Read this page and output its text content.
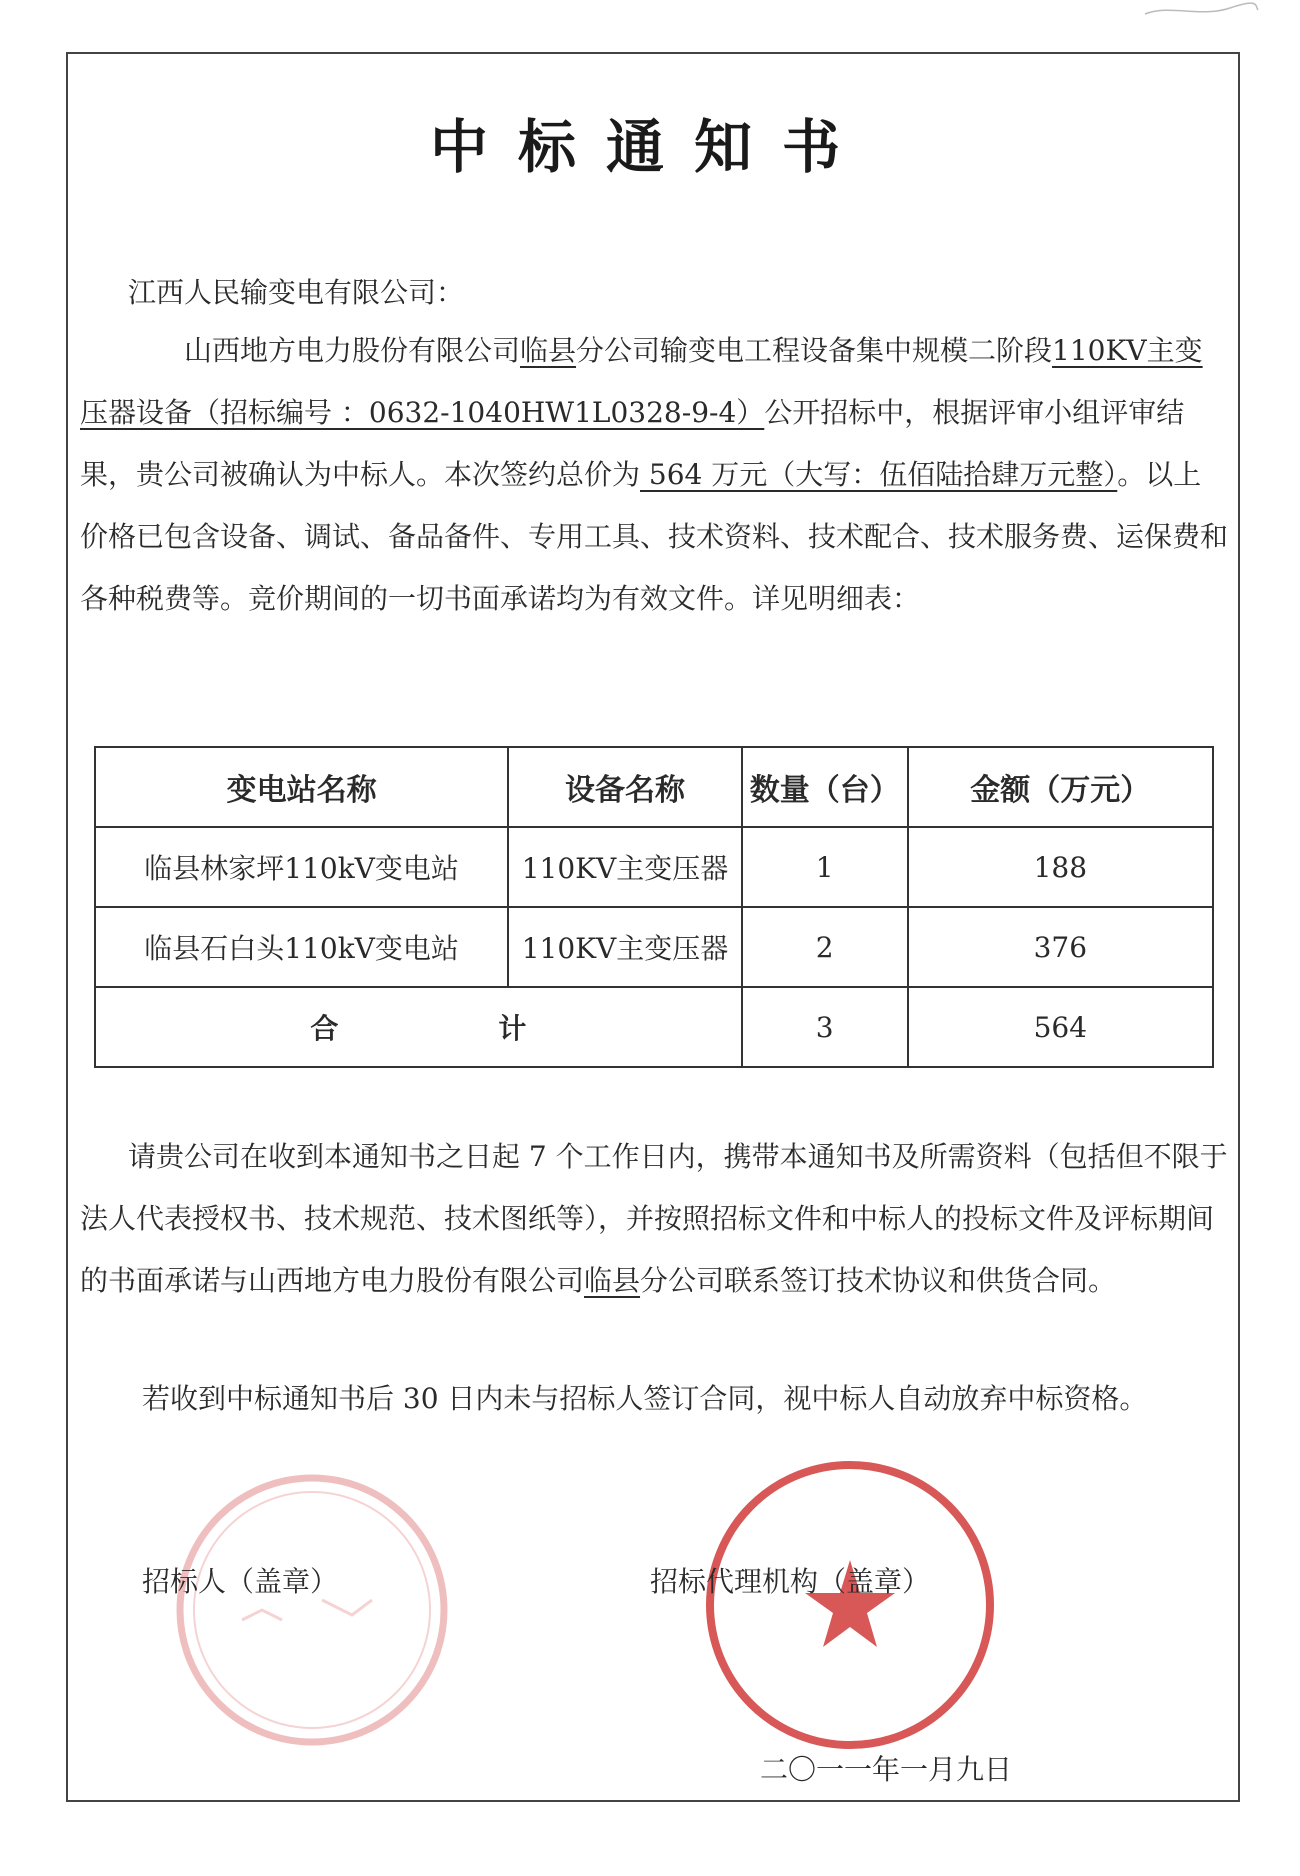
中标通知书
江西人民输变电有限公司：
山西地方电力股份有限公司临县分公司输变电工程设备集中规模二阶段110KV主变压器设备（招标编号 ：0632-1040HW1L0328-9-4）公开招标中，根据评审小组评审结果，贵公司被确认为中标人。本次签约总价为 564 万元（大写：伍佰陆拾肆万元整）。以上价格已包含设备、调试、备品备件、专用工具、技术资料、技术配合、技术服务费、运保费和各种税费等。竞价期间的一切书面承诺均为有效文件。详见明细表：
变电站名称	设备名称	数量（台）	金额（万元）
临县林家坪110kV变电站	110KV主变压器	1	188
临县石白头110kV变电站	110KV主变压器	2	376
合 计		3	564
请贵公司在收到本通知书之日起 7 个工作日内，携带本通知书及所需资料（包括但不限于法人代表授权书、技术规范、技术图纸等），并按照招标文件和中标人的投标文件及评标期间的书面承诺与山西地方电力股份有限公司临县分公司联系签订技术协议和供货合同。
若收到中标通知书后 30 日内未与招标人签订合同，视中标人自动放弃中标资格。
招标人（盖章）	招标代理机构（盖章）
二〇一一年一月九日
